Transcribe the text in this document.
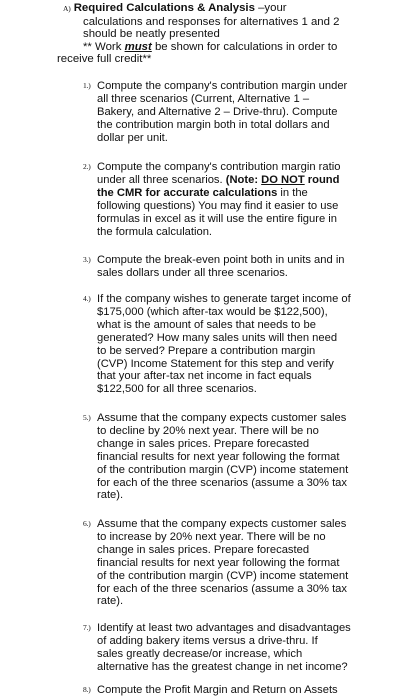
A) Required Calculations & Analysis –your
calculations and responses for alternatives 1 and 2
should be neatly presented
** Work must be shown for calculations in order to
receive full credit**
1.) Compute the company's contribution margin under
all three scenarios (Current, Alternative 1 –
Bakery, and Alternative 2 – Drive-thru). Compute
the contribution margin both in total dollars and
dollar per unit.
2.) Compute the company's contribution margin ratio
under all three scenarios. (Note: DO NOT round
the CMR for accurate calculations in the
following questions) You may find it easier to use
formulas in excel as it will use the entire figure in
the formula calculation.
3.) Compute the break-even point both in units and in
sales dollars under all three scenarios.
4.) If the company wishes to generate target income of
$175,000 (which after-tax would be $122,500),
what is the amount of sales that needs to be
generated? How many sales units will then need
to be served? Prepare a contribution margin
(CVP) Income Statement for this step and verify
that your after-tax net income in fact equals
$122,500 for all three scenarios.
5.) Assume that the company expects customer sales
to decline by 20% next year. There will be no
change in sales prices. Prepare forecasted
financial results for next year following the format
of the contribution margin (CVP) income statement
for each of the three scenarios (assume a 30% tax
rate).
6.) Assume that the company expects customer sales
to increase by 20% next year. There will be no
change in sales prices. Prepare forecasted
financial results for next year following the format
of the contribution margin (CVP) income statement
for each of the three scenarios (assume a 30% tax
rate).
7.) Identify at least two advantages and disadvantages
of adding bakery items versus a drive-thru. If
sales greatly decrease/or increase, which
alternative has the greatest change in net income?
8.) Compute the Profit Margin and Return on Assets
